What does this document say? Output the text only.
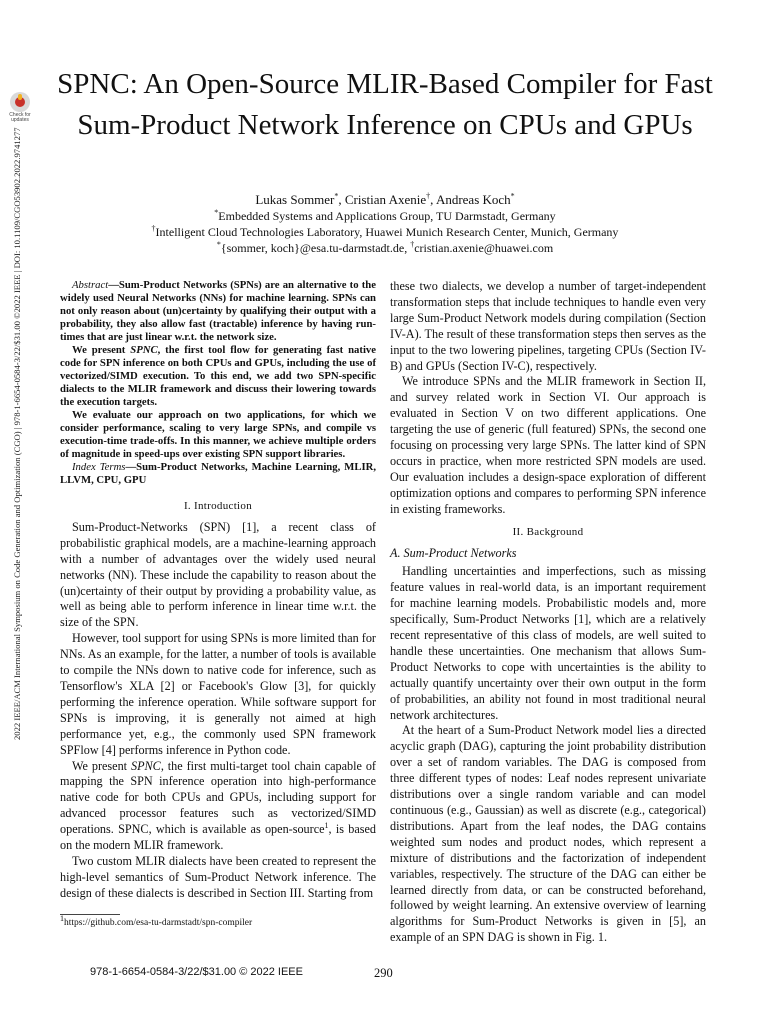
Check for
updates
2022 IEEE/ACM International Symposium on Code Generation and Optimization (CGO) | 978-1-6654-0584-3/22/$31.00 ©2022 IEEE | DOI: 10.1109/CGO53902.2022.9741277
SPNC: An Open-Source MLIR-Based Compiler for Fast Sum-Product Network Inference on CPUs and GPUs
Lukas Sommer*, Cristian Axenie†, Andreas Koch*
*Embedded Systems and Applications Group, TU Darmstadt, Germany
†Intelligent Cloud Technologies Laboratory, Huawei Munich Research Center, Munich, Germany
*{sommer, koch}@esa.tu-darmstadt.de, †cristian.axenie@huawei.com

Abstract—Sum-Product Networks (SPNs) are an alternative to the widely used Neural Networks (NNs) for machine learning. SPNs can not only reason about (un)certainty by qualifying their output with a probability, they also allow fast (tractable) inference by having run-times that are just linear w.r.t. the network size.

We present SPNC, the first tool flow for generating fast native code for SPN inference on both CPUs and GPUs, including the use of vectorized/SIMD execution. To this end, we add two SPN-specific dialects to the MLIR framework and discuss their lowering towards the execution targets.

We evaluate our approach on two applications, for which we consider performance, scaling to very large SPNs, and compile vs execution-time trade-offs. In this manner, we achieve multiple orders of magnitude in speed-ups over existing SPN support libraries.

Index Terms—Sum-Product Networks, Machine Learning, MLIR, LLVM, CPU, GPU

I. Introduction

Sum-Product-Networks (SPN) [1], a recent class of probabilistic graphical models, are a machine-learning approach with a number of advantages over the widely used neural networks (NN). These include the capability to reason about the (un)certainty of their output by providing a probability value, as well as being able to perform inference in linear time w.r.t. the size of the SPN.

However, tool support for using SPNs is more limited than for NNs. As an example, for the latter, a number of tools is available to compile the NNs down to native code for inference, such as Tensorflow's XLA [2] or Facebook's Glow [3], for quickly performing the inference operation. While software support for SPNs is improving, it is generally not aimed at high performance yet, e.g., the commonly used SPN framework SPFlow [4] performs inference in Python code.

We present SPNC, the first multi-target tool chain capable of mapping the SPN inference operation into high-performance native code for both CPUs and GPUs, including support for advanced processor features such as vectorized/SIMD operations. SPNC, which is available as open-source$^1$, is based on the modern MLIR framework.

Two custom MLIR dialects have been created to represent the high-level semantics of Sum-Product Network inference. The design of these dialects is described in Section III. Starting from

$^1$https://github.com/esa-tu-darmstadt/spn-compiler

these two dialects, we develop a number of target-independent transformation steps that include techniques to handle even very large Sum-Product Network models during compilation (Section IV-A). The result of these transformation steps then serves as the input to the two lowering pipelines, targeting CPUs (Section IV-B) and GPUs (Section IV-C), respectively.

We introduce SPNs and the MLIR framework in Section II, and survey related work in Section VI. Our approach is evaluated in Section V on two different applications. One targeting the use of generic (full featured) SPNs, the second one focusing on processing very large SPNs. The latter kind of SPN occurs in practice, when more restricted SPN models are used. Our evaluation includes a design-space exploration of different optimization options and compares to performing SPN inference in existing frameworks.

II. Background
A. Sum-Product Networks

Handling uncertainties and imperfections, such as missing feature values in real-world data, is an important requirement for machine learning models. Probabilistic models and, more specifically, Sum-Product Networks [1], which are a relatively recent representative of this class of models, are well suited to handle these uncertainties. One mechanism that allows Sum-Product Networks to cope with uncertainties is the ability to actually quantify uncertainty over their own output in the form of probabilities, an ability not found in most traditional neural network architectures.

At the heart of a Sum-Product Network model lies a directed acyclic graph (DAG), capturing the joint probability distribution over a set of random variables. The DAG is composed from three different types of nodes: Leaf nodes represent univariate distributions over a single random variable and can model continuous (e.g., Gaussian) as well as discrete (e.g., categorical) distributions. Apart from the leaf nodes, the DAG contains weighted sum nodes and product nodes, which represent a mixture of distributions and the factorization of independent variables, respectively. The structure of the DAG can either be learned directly from data, or can be constructed beforehand, followed by weight learning. An extensive overview of learning algorithms for Sum-Product Networks is given in [5], an example of an SPN DAG is shown in Fig. 1.

978-1-6654-0584-3/22/$31.00 © 2022 IEEE	290
